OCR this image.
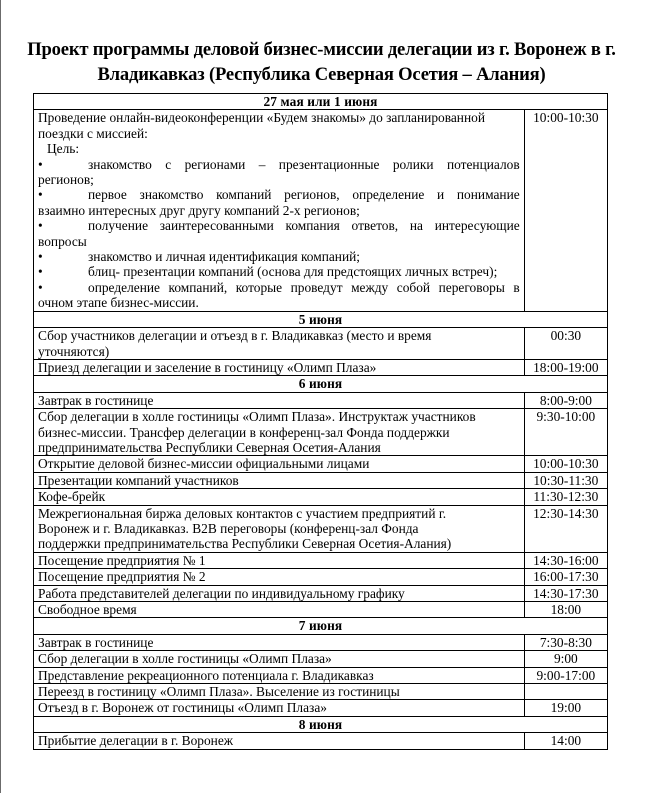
Проект программы деловой бизнес-миссии делегации из г. Воронеж в г.
Владикавказ (Республика Северная Осетия – Алания)
27 мая или 1 июня	

Проведение онлайн-видеоконференции «Будем знакомы» до запланированной
поездки с миссией:
Цель:
•	знакомство с регионами – презентационные ролики потенциалов
регионов;
•	первое знакомство компаний регионов, определение и понимание
взаимно интересных друг другу компаний 2-х регионов;
•	получение заинтересованными компания ответов, на интересующие
вопросы
•	знакомство и личная идентификация компаний;
•	блиц- презентации компаний (основа для предстоящих личных встреч);
•	определение компаний, которые проведут между собой переговоры в
очном этапе бизнес-миссии.
	10:00-10:30
5 июня	

Сбор участников делегации и отъезд в г. Владикавказ (место и время
уточняются)	00:30
Приезд делегации и заселение в гостиницу «Олимп Плаза»	18:00-19:00
6 июня	
Завтрак в гостинице	8:00-9:00

Сбор делегации в холле гостиницы «Олимп Плаза». Инструктаж участников
бизнес-миссии. Трансфер делегации в конференц-зал Фонда поддержки
предпринимательства Республики Северная Осетия-Алания	9:30-10:00
Открытие деловой бизнес-миссии официальными лицами	10:00-10:30
Презентации компаний участников	10:30-11:30
Кофе-брейк	11:30-12:30

Межрегиональная биржа деловых контактов с участием предприятий г.
Воронеж и г. Владикавказ. В2В переговоры (конференц-зал Фонда
поддержки предпринимательства Республики Северная Осетия-Алания)	12:30-14:30
Посещение предприятия № 1	14:30-16:00
Посещение предприятия № 2	16:00-17:30
Работа представителей делегации по индивидуальному графику	14:30-17:30
Свободное время	18:00
7 июня	
Завтрак в гостинице	7:30-8:30
Сбор делегации в холле гостиницы «Олимп Плаза»	9:00
Представление рекреационного потенциала г. Владикавказ	9:00-17:00
Переезд в гостиницу «Олимп Плаза». Выселение из гостиницы	
Отъезд в г. Воронеж от гостиницы «Олимп Плаза»	19:00
8 июня	
Прибытие делегации в г. Воронеж	14:00
